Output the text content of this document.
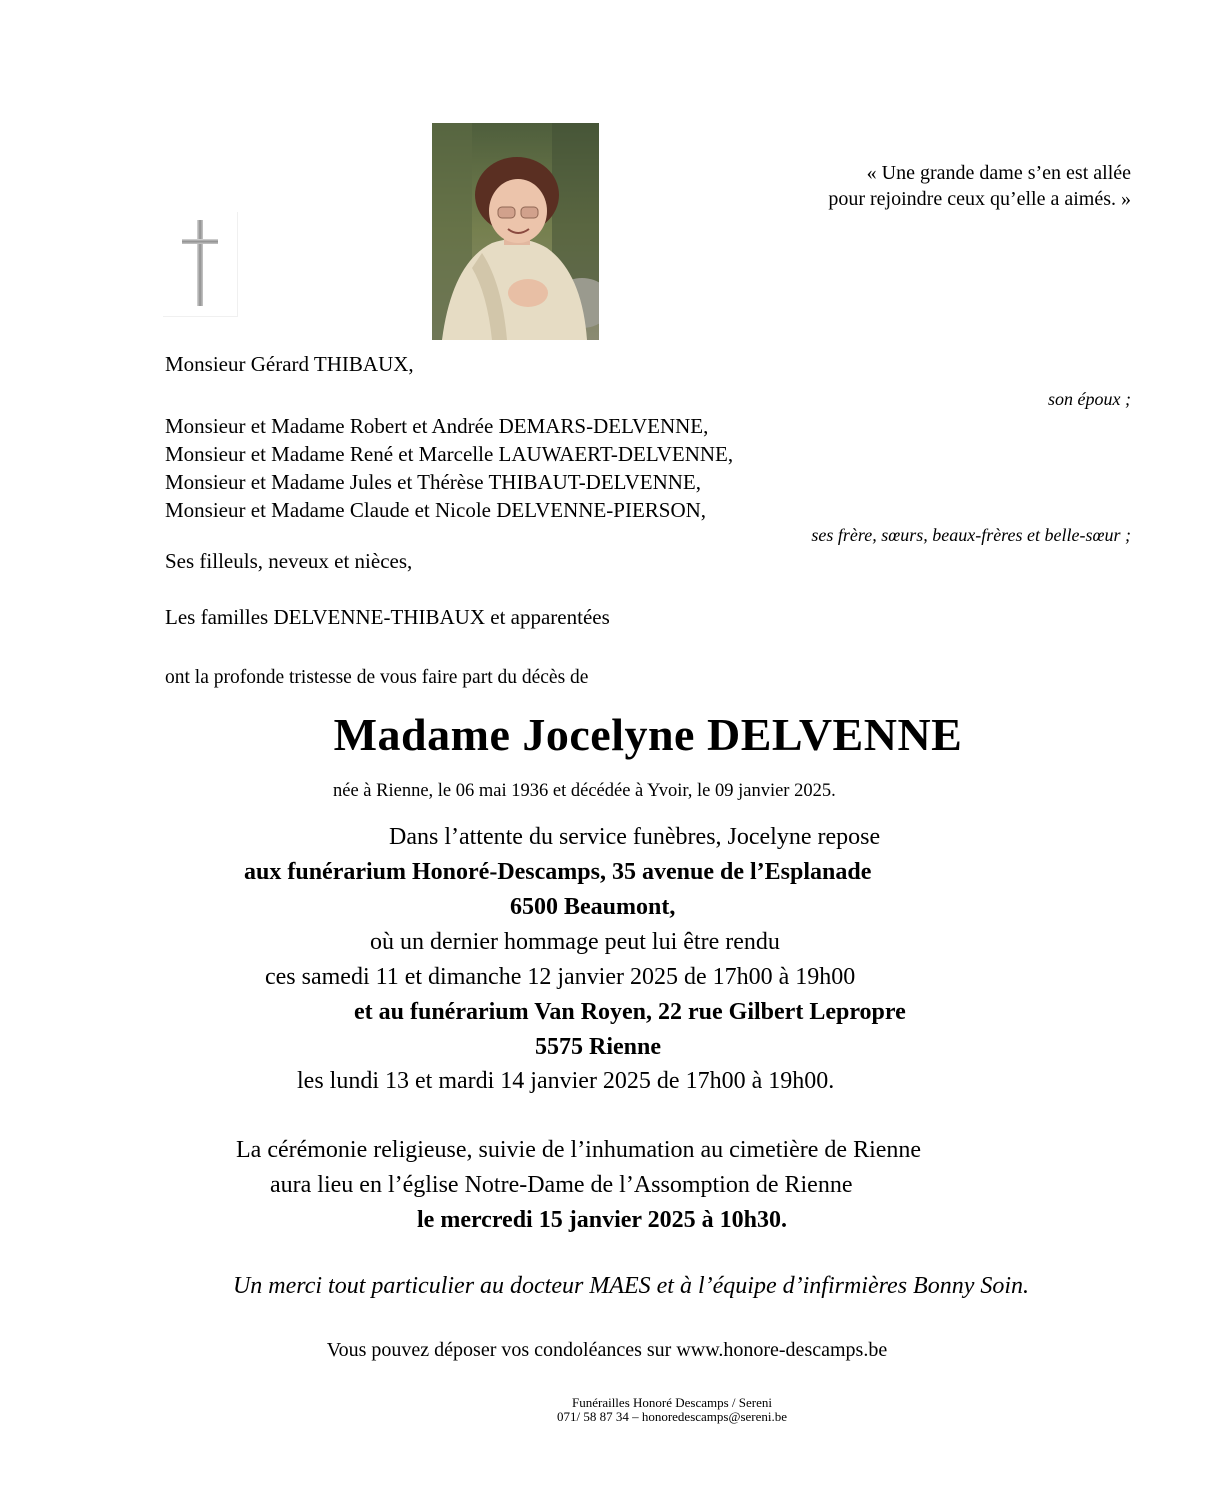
« Une grande dame s’en est allée
pour rejoindre ceux qu’elle a aimés. »
Monsieur Gérard THIBAUX,
son époux ;
Monsieur et Madame Robert et Andrée DEMARS-DELVENNE,
Monsieur et Madame René et Marcelle LAUWAERT-DELVENNE,
Monsieur et Madame Jules et Thérèse THIBAUT-DELVENNE,
Monsieur et Madame Claude et Nicole DELVENNE-PIERSON,
ses frère, sœurs, beaux-frères et belle-sœur ;
Ses filleuls, neveux et nièces,
Les familles DELVENNE-THIBAUX et apparentées
ont la profonde tristesse de vous faire part du décès de
Madame Jocelyne DELVENNE
née à Rienne, le 06 mai 1936 et décédée à Yvoir, le 09 janvier 2025.
Dans l’attente du service funèbres, Jocelyne repose
aux funérarium Honoré-Descamps, 35 avenue de l’Esplanade
6500 Beaumont,
où un dernier hommage peut lui être rendu
ces samedi 11 et dimanche 12 janvier 2025 de 17h00 à 19h00
et au funérarium Van Royen, 22 rue Gilbert Lepropre
5575 Rienne
les lundi 13 et mardi 14 janvier 2025 de 17h00 à 19h00.
La cérémonie religieuse, suivie de l’inhumation au cimetière de Rienne
aura lieu en l’église Notre-Dame de l’Assomption de Rienne
le mercredi 15 janvier 2025 à 10h30.
Un merci tout particulier au docteur MAES et à l’équipe d’infirmières Bonny Soin.
Vous pouvez déposer vos condoléances sur www.honore-descamps.be
Funérailles Honoré Descamps / Sereni
071/ 58 87 34 – honoredescamps@sereni.be
